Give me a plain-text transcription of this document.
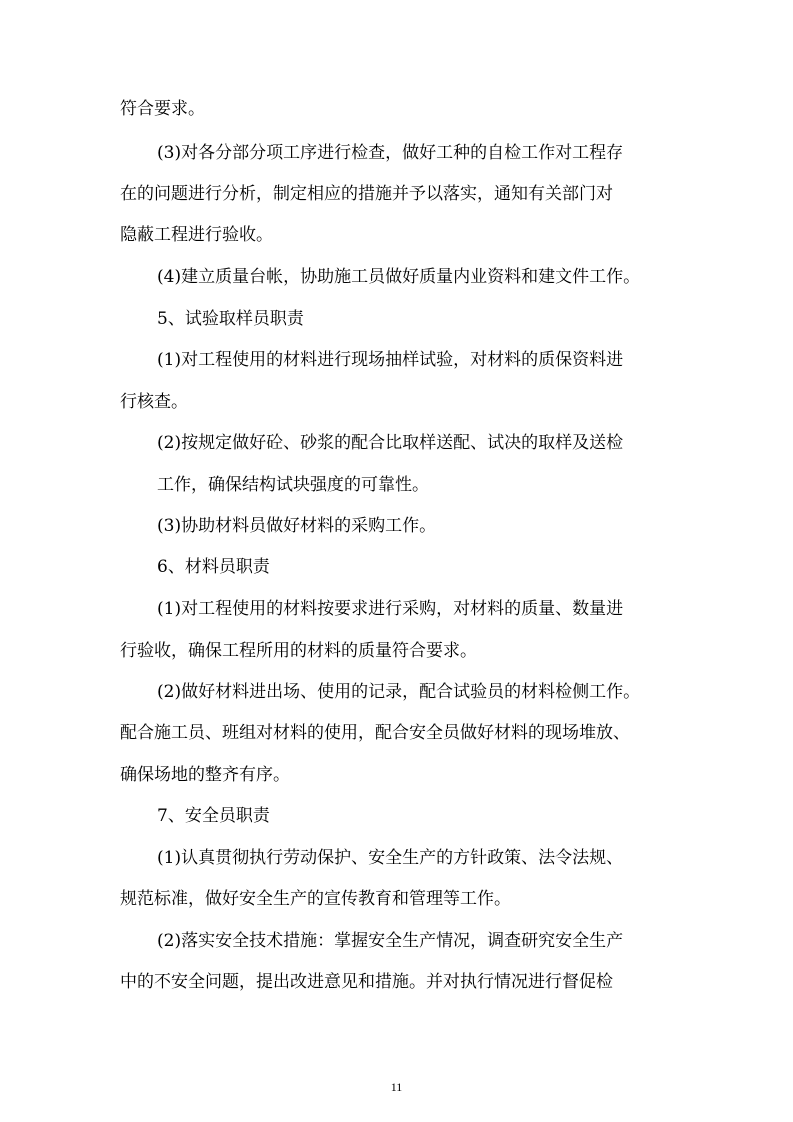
符合要求。
(3)对各分部分项工序进行检查，做好工种的自检工作对工程存
在的问题进行分析，制定相应的措施并予以落实，通知有关部门对
隐蔽工程进行验收。
(4)建立质量台帐，协助施工员做好质量内业资料和建文件工作。
5、试验取样员职责
(1)对工程使用的材料进行现场抽样试验，对材料的质保资料进
行核查。
(2)按规定做好砼、砂浆的配合比取样送配、试决的取样及送检
工作，确保结构试块强度的可靠性。
(3)协助材料员做好材料的采购工作。
6、材料员职责
(1)对工程使用的材料按要求进行采购，对材料的质量、数量进
行验收，确保工程所用的材料的质量符合要求。
(2)做好材料进出场、使用的记录，配合试验员的材料检侧工作。
配合施工员、班组对材料的使用，配合安全员做好材料的现场堆放、
确保场地的整齐有序。
7、安全员职责
(1)认真贯彻执行劳动保护、安全生产的方针政策、法令法规、
规范标准，做好安全生产的宣传教育和管理等工作。
(2)落实安全技术措施：掌握安全生产情况，调查研究安全生产
中的不安全问题，提出改进意见和措施。并对执行情况进行督促检
11
